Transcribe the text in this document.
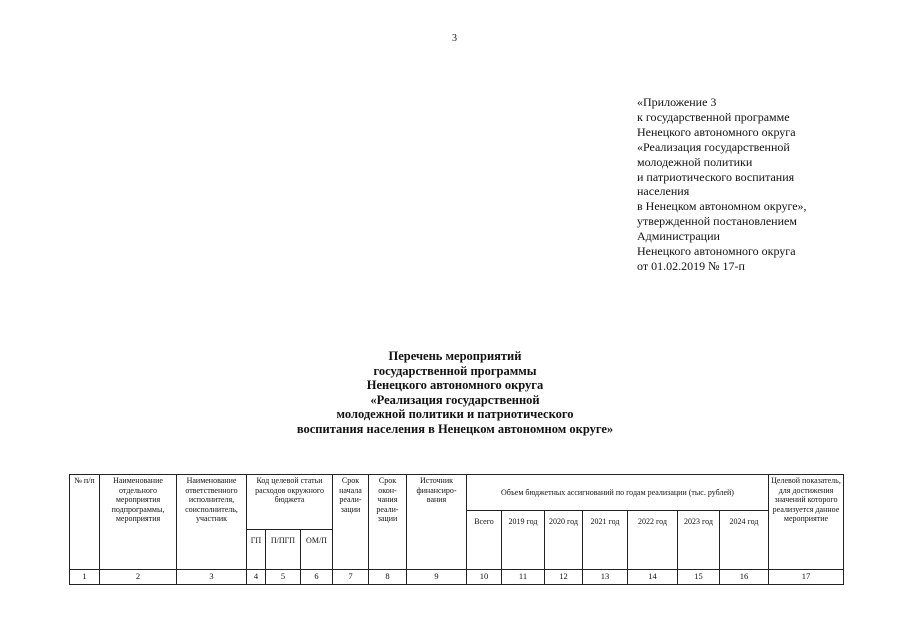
3
«Приложение 3
к государственной программе
Ненецкого автономного округа
«Реализация государственной
молодежной политики
и патриотического воспитания
населения
в Ненецком автономном округе»,
утвержденной постановлением
Администрации
Ненецкого автономного округа
от 01.02.2019 № 17-п
Перечень мероприятий
государственной программы
Ненецкого автономного округа
«Реализация государственной
молодежной политики и патриотического
воспитания населения в Ненецком автономном округе»
№ п/п	Наименование отдельного мероприятия подпрограммы, мероприятия	Наименование ответственного исполнителя, соисполнитель, участник	Код целевой статьи расходов окружного бюджета			Срок начала реали-зации	Срок окон-чания реали-зации	Источник финансиро-вания	Объем бюджетных ассигнований по годам реализации (тыс. рублей)							Целевой показатель, для достижения значений которого реализуется данное мероприятие
									Всего	2019 год	2020 год	2021 год	2022 год	2023 год	2024 год	
			ГП	П/ПГП	ОМ/П											
1	2	3	4	5	6	7	8	9	10	11	12	13	14	15	16	17
